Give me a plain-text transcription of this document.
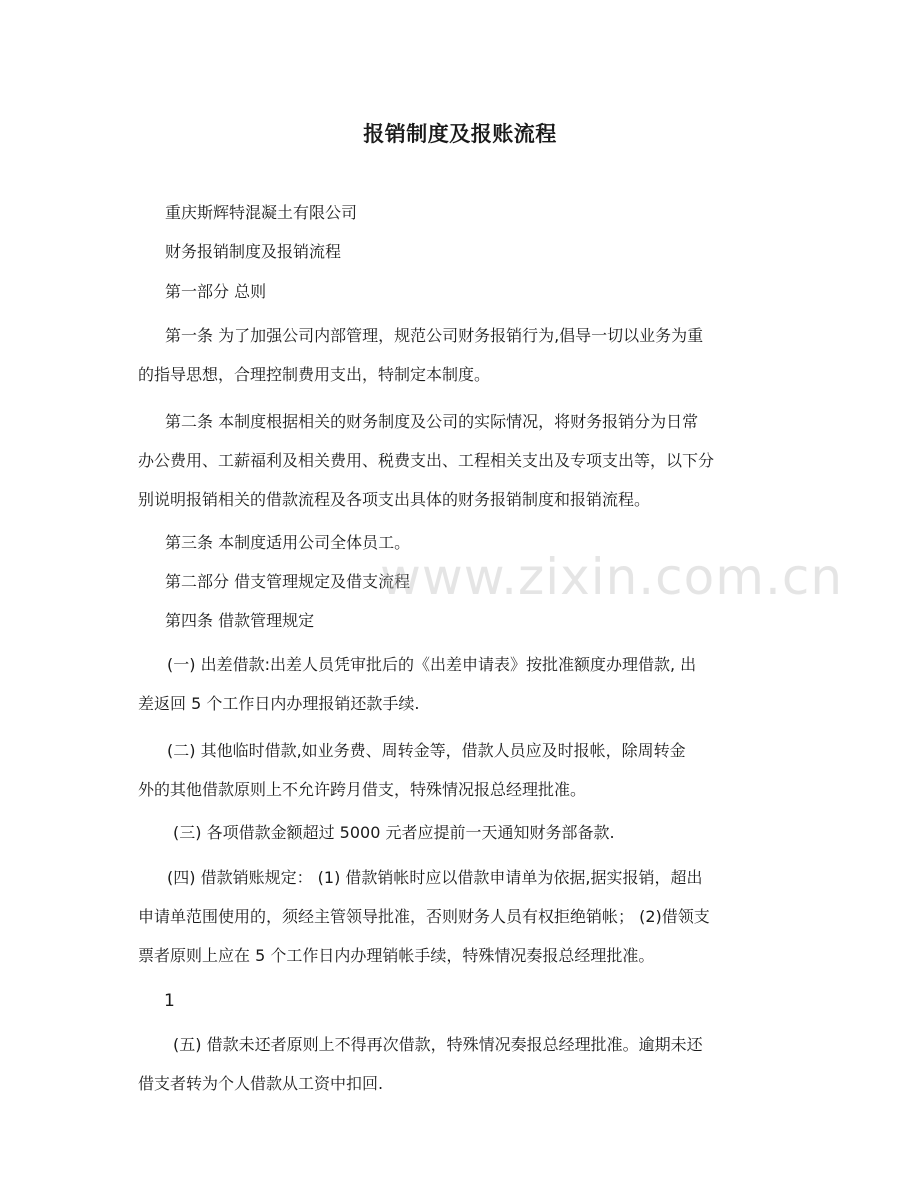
报销制度及报账流程
重庆斯辉特混凝土有限公司
财务报销制度及报销流程
第一部分 总则
第一条 为了加强公司内部管理，规范公司财务报销行为,倡导一切以业务为重
的指导思想，合理控制费用支出，特制定本制度。
第二条 本制度根据相关的财务制度及公司的实际情况，将财务报销分为日常
办公费用、工薪福利及相关费用、税费支出、工程相关支出及专项支出等，以下分
别说明报销相关的借款流程及各项支出具体的财务报销制度和报销流程。
第三条 本制度适用公司全体员工。
第二部分 借支管理规定及借支流程
第四条 借款管理规定
(一) 出差借款:出差人员凭审批后的《出差申请表》按批准额度办理借款, 出
差返回 5 个工作日内办理报销还款手续.
(二) 其他临时借款,如业务费、周转金等，借款人员应及时报帐，除周转金
外的其他借款原则上不允许跨月借支，特殊情况报总经理批准。
(三) 各项借款金额超过 5000 元者应提前一天通知财务部备款.
(四) 借款销账规定： (1) 借款销帐时应以借款申请单为依据,据实报销，超出
申请单范围使用的，须经主管领导批准，否则财务人员有权拒绝销帐； (2)借领支
票者原则上应在 5 个工作日内办理销帐手续，特殊情况奏报总经理批准。
1
(五) 借款未还者原则上不得再次借款，特殊情况奏报总经理批准。逾期未还
借支者转为个人借款从工资中扣回.
www.zixin.com.cn
